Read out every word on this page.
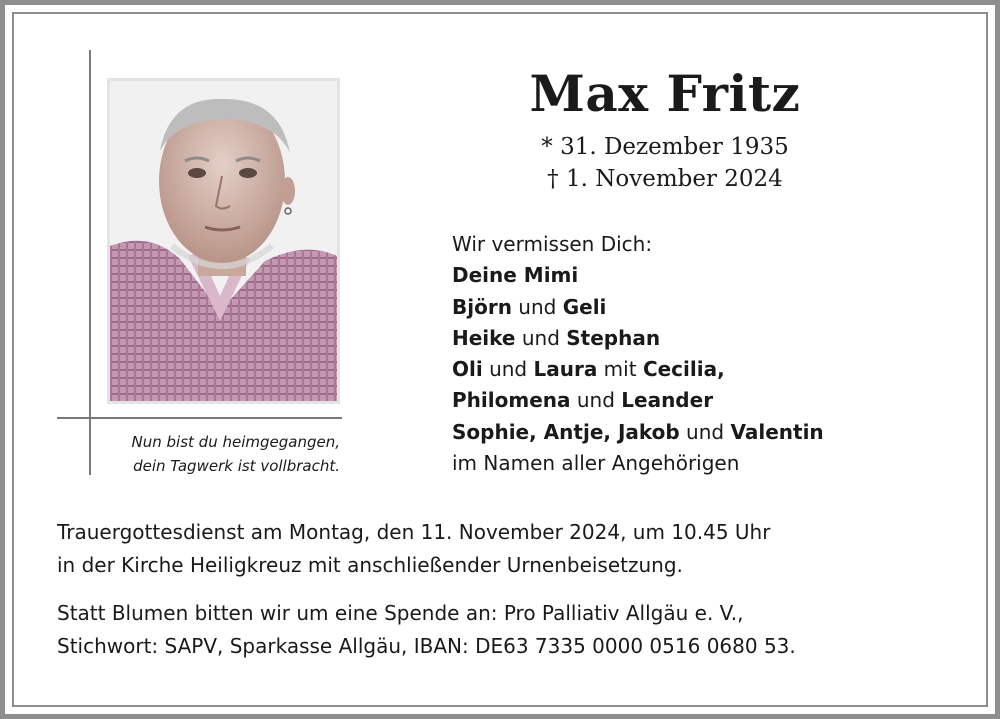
Nun bist du heimgegangen,
dein Tagwerk ist vollbracht.
Max Fritz
* 31. Dezember 1935
† 1. November 2024
Wir vermissen Dich:
Deine Mimi
Björn und Geli
Heike und Stephan
Oli und Laura mit Cecilia,
Philomena und Leander
Sophie, Antje, Jakob und Valentin
im Namen aller Angehörigen
Trauergottesdienst am Montag, den 11. November 2024, um 10.45 Uhr
in der Kirche Heiligkreuz mit anschließender Urnenbeisetzung.
Statt Blumen bitten wir um eine Spende an: Pro Palliativ Allgäu e. V.,
Stichwort: SAPV, Sparkasse Allgäu, IBAN: DE63 7335 0000 0516 0680 53.
